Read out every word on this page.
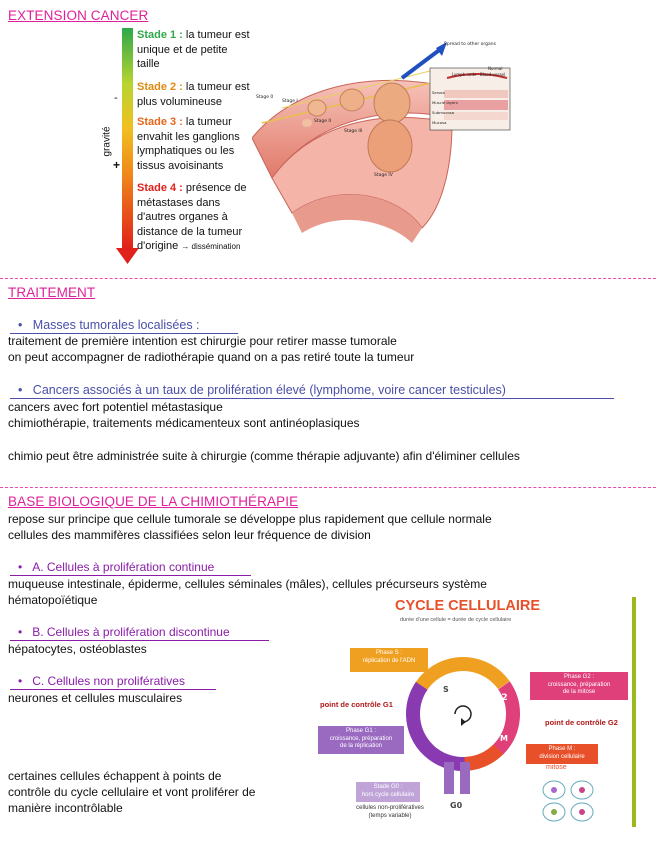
EXTENSION CANCER
gravité
-
+
Stade 1 : la tumeur est
unique et de petite
taille
Stade 2 : la tumeur est
plus volumineuse
Stade 3 : la tumeur
envahit les ganglions
lymphatiques ou les
tissus avoisinants
Stade 4 : présence de
métastases dans
d'autres organes à
distance de la tumeur
d'origine → dissémination
Spread to other organs
Lymph node Blood vessel
Normal
Serosa
Muscle layers
Submucosa
Mucosa
Stage 0
Stage I
Stage II
Stage III
Stage IV
TRAITEMENT
•   Masses tumorales localisées :
traitement de première intention est chirurgie pour retirer masse tumorale
on peut accompagner de radiothérapie quand on a pas retiré toute la tumeur
•   Cancers associés à un taux de prolifération élevé (lymphome, voire cancer testicules)
cancers avec fort potentiel métastasique
chimiothérapie, traitements médicamenteux sont antinéoplasiques
chimio peut être administrée suite à chirurgie (comme thérapie adjuvante) afin d'éliminer cellules
BASE BIOLOGIQUE DE LA CHIMIOTHÉRAPIE
repose sur principe que cellule tumorale se développe plus rapidement que cellule normale
cellules des mammifères classifiées selon leur fréquence de division
•   A. Cellules à prolifération continue
muqueuse intestinale, épiderme, cellules séminales (mâles), cellules précurseurs système
hématopoïétique
•   B. Cellules à prolifération discontinue
hépatocytes, ostéoblastes
•   C. Cellules non prolifératives
neurones et cellules musculaires
certaines cellules échappent à points de
contrôle du cycle cellulaire et vont proliférer de
manière incontrôlable
CYCLE CELLULAIRE
durée d'une cellule = durée de cycle cellulaire
S
G2
M
G1
G0
Phase S :
réplication de l'ADN
Phase G2 :
croissance, préparation
de la mitose
Phase G1 :
croissance, préparation
de la réplication	Phase M :
division cellulaire
Stade G0 :
hors cycle cellulaire
point de contrôle G1
point de contrôle G2
mitose
cellules non-prolifératives
(temps variable)
